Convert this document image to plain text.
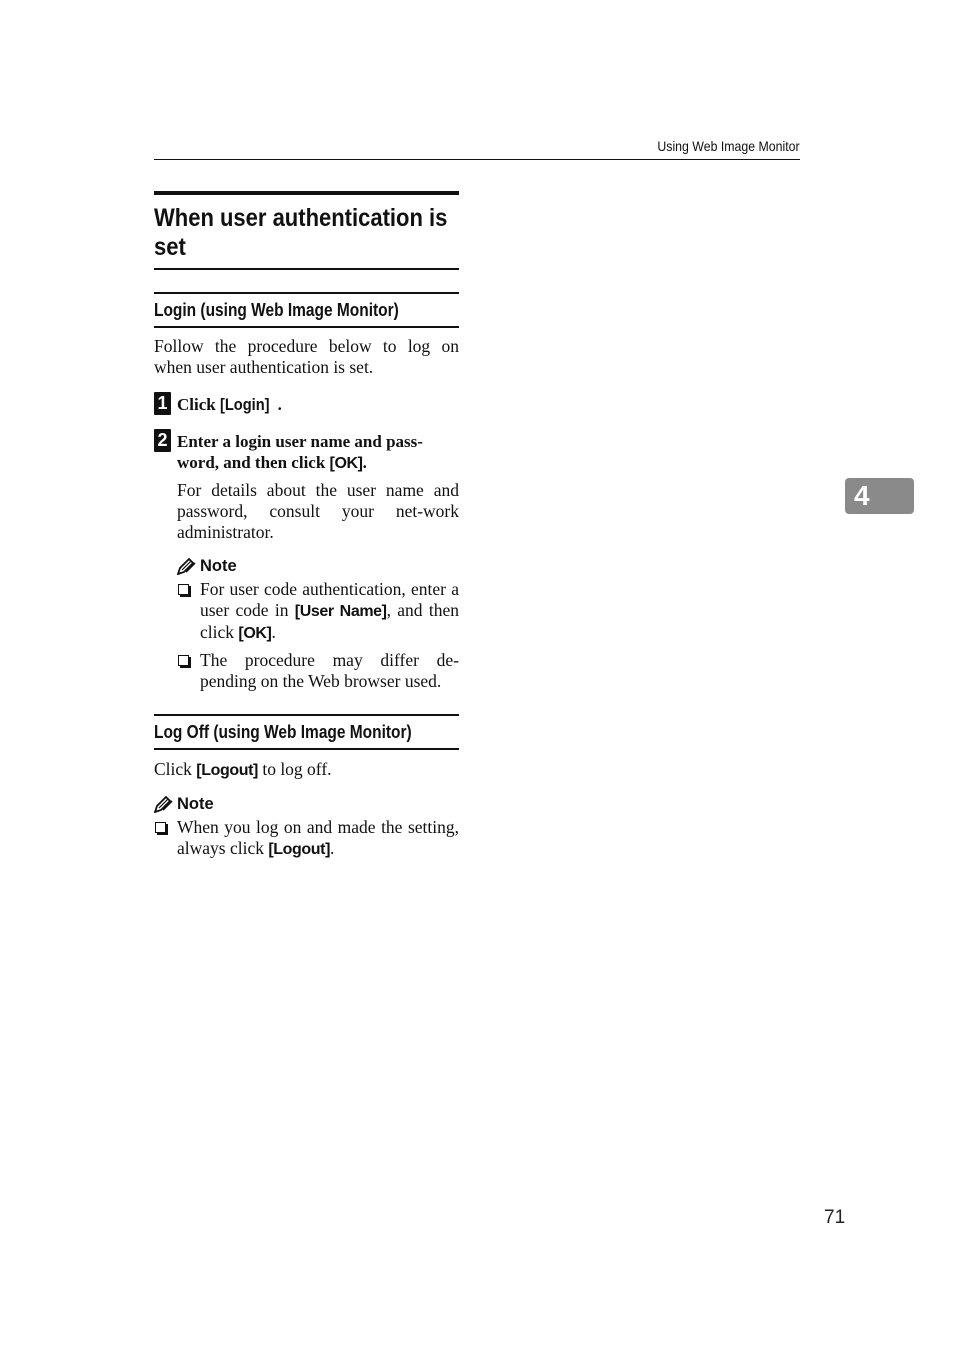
Using Web Image Monitor
When user authentication is set
Login (using Web Image Monitor)
Follow the procedure below to log on when user authentication is set.
1 Click [Login] .
2 Enter a login user name and pass-word, and then click [OK].
For details about the user name and password, consult your net-work administrator.
Note
For user code authentication, enter a user code in [User Name], and then click [OK].
The procedure may differ de-pending on the Web browser used.
Log Off (using Web Image Monitor)
Click [Logout] to log off.
Note
When you log on and made the setting, always click [Logout].
4
71
